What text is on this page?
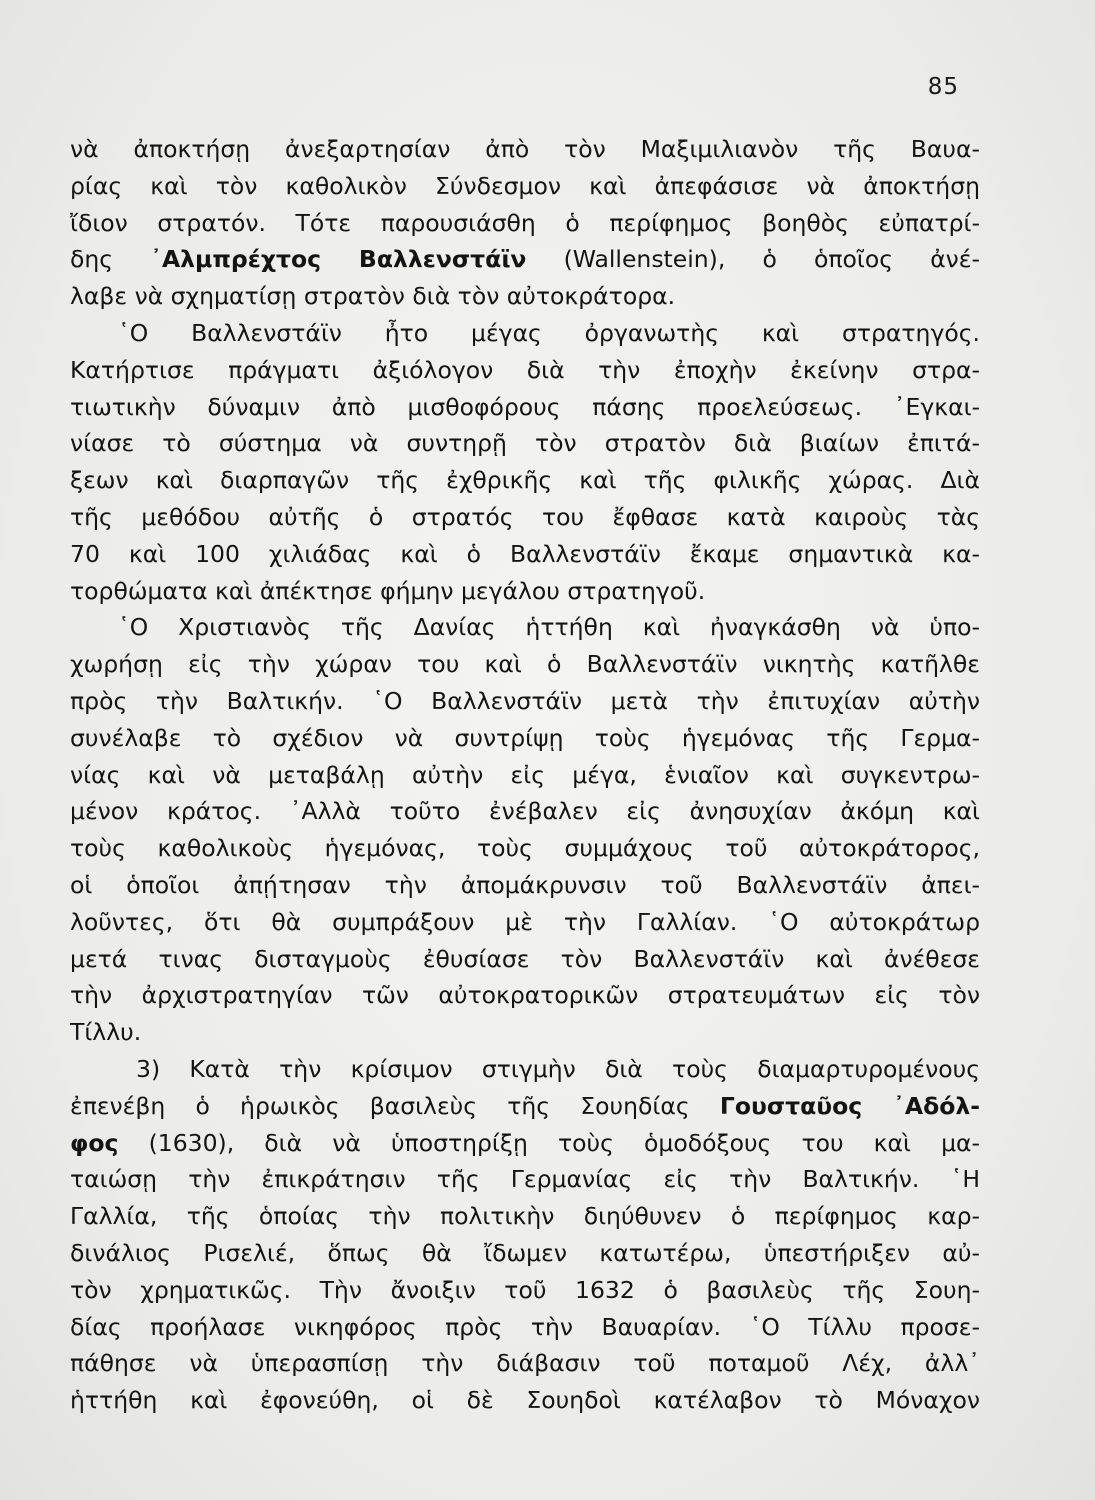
85
νὰ ἀποκτήσῃ ἀνεξαρτησίαν ἀπὸ τὸν Μαξιμιλιανὸν τῆς Βαυα-
ρίας καὶ τὸν καθολικὸν Σύνδεσμον καὶ ἀπεφάσισε νὰ ἀποκτήσῃ
ἴδιον στρατόν. Τότε παρουσιάσθη ὁ περίφημος βοηθὸς εὐπατρί-
δης ᾿Αλμπρέχτος Βαλλενστάϊν (Wallenstein), ὁ ὁποῖος ἀνέ-
λαβε νὰ σχηματίσῃ στρατὸν διὰ τὸν αὐτοκράτορα.
῾Ο Βαλλενστάϊν ἦτο μέγας ὀργανωτὴς καὶ στρατηγός.
Κατήρτισε πράγματι ἀξιόλογον διὰ τὴν ἐποχὴν ἐκείνην στρα-
τιωτικὴν δύναμιν ἀπὸ μισθοφόρους πάσης προελεύσεως. ᾿Εγκαι-
νίασε τὸ σύστημα νὰ συντηρῇ τὸν στρατὸν διὰ βιαίων ἐπιτά-
ξεων καὶ διαρπαγῶν τῆς ἐχθρικῆς καὶ τῆς φιλικῆς χώρας. Διὰ
τῆς μεθόδου αὐτῆς ὁ στρατός του ἔφθασε κατὰ καιροὺς τὰς
70 καὶ 100 χιλιάδας καὶ ὁ Βαλλενστάϊν ἔκαμε σημαντικὰ κα-
τορθώματα καὶ ἀπέκτησε φήμην μεγάλου στρατηγοῦ.
῾Ο Χριστιανὸς τῆς Δανίας ἡττήθη καὶ ἠναγκάσθη νὰ ὑπο-
χωρήσῃ εἰς τὴν χώραν του καὶ ὁ Βαλλενστάϊν νικητὴς κατῆλθε
πρὸς τὴν Βαλτικήν. ῾Ο Βαλλενστάϊν μετὰ τὴν ἐπιτυχίαν αὐτὴν
συνέλαβε τὸ σχέδιον νὰ συντρίψῃ τοὺς ἡγεμόνας τῆς Γερμα-
νίας καὶ νὰ μεταβάλῃ αὐτὴν εἰς μέγα, ἑνιαῖον καὶ συγκεντρω-
μένον κράτος. ᾿Αλλὰ τοῦτο ἐνέβαλεν εἰς ἀνησυχίαν ἀκόμη καὶ
τοὺς καθολικοὺς ἡγεμόνας, τοὺς συμμάχους τοῦ αὐτοκράτορος,
οἱ ὁποῖοι ἀπῄτησαν τὴν ἀπομάκρυνσιν τοῦ Βαλλενστάϊν ἀπει-
λοῦντες, ὅτι θὰ συμπράξουν μὲ τὴν Γαλλίαν. ῾Ο αὐτοκράτωρ
μετά τινας δισταγμοὺς ἐθυσίασε τὸν Βαλλενστάϊν καὶ ἀνέθεσε
τὴν ἀρχιστρατηγίαν τῶν αὐτοκρατορικῶν στρατευμάτων εἰς τὸν
Τίλλυ.
3) Κατὰ τὴν κρίσιμον στιγμὴν διὰ τοὺς διαμαρτυρομένους
ἐπενέβη ὁ ἡρωικὸς βασιλεὺς τῆς Σουηδίας Γουσταῦος ᾿Αδόλ-
φος (1630), διὰ νὰ ὑποστηρίξῃ τοὺς ὁμοδόξους του καὶ μα-
ταιώσῃ τὴν ἐπικράτησιν τῆς Γερμανίας εἰς τὴν Βαλτικήν. ῾Η
Γαλλία, τῆς ὁποίας τὴν πολιτικὴν διηύθυνεν ὁ περίφημος καρ-
δινάλιος Ρισελιέ, ὅπως θὰ ἴδωμεν κατωτέρω, ὑπεστήριξεν αὐ-
τὸν χρηματικῶς. Τὴν ἄνοιξιν τοῦ 1632 ὁ βασιλεὺς τῆς Σουη-
δίας προήλασε νικηφόρος πρὸς τὴν Βαυαρίαν. ῾Ο Τίλλυ προσε-
πάθησε νὰ ὑπερασπίσῃ τὴν διάβασιν τοῦ ποταμοῦ Λέχ, ἀλλ᾿
ἡττήθη καὶ ἐφονεύθη, οἱ δὲ Σουηδοὶ κατέλαβον τὸ Μόναχον
